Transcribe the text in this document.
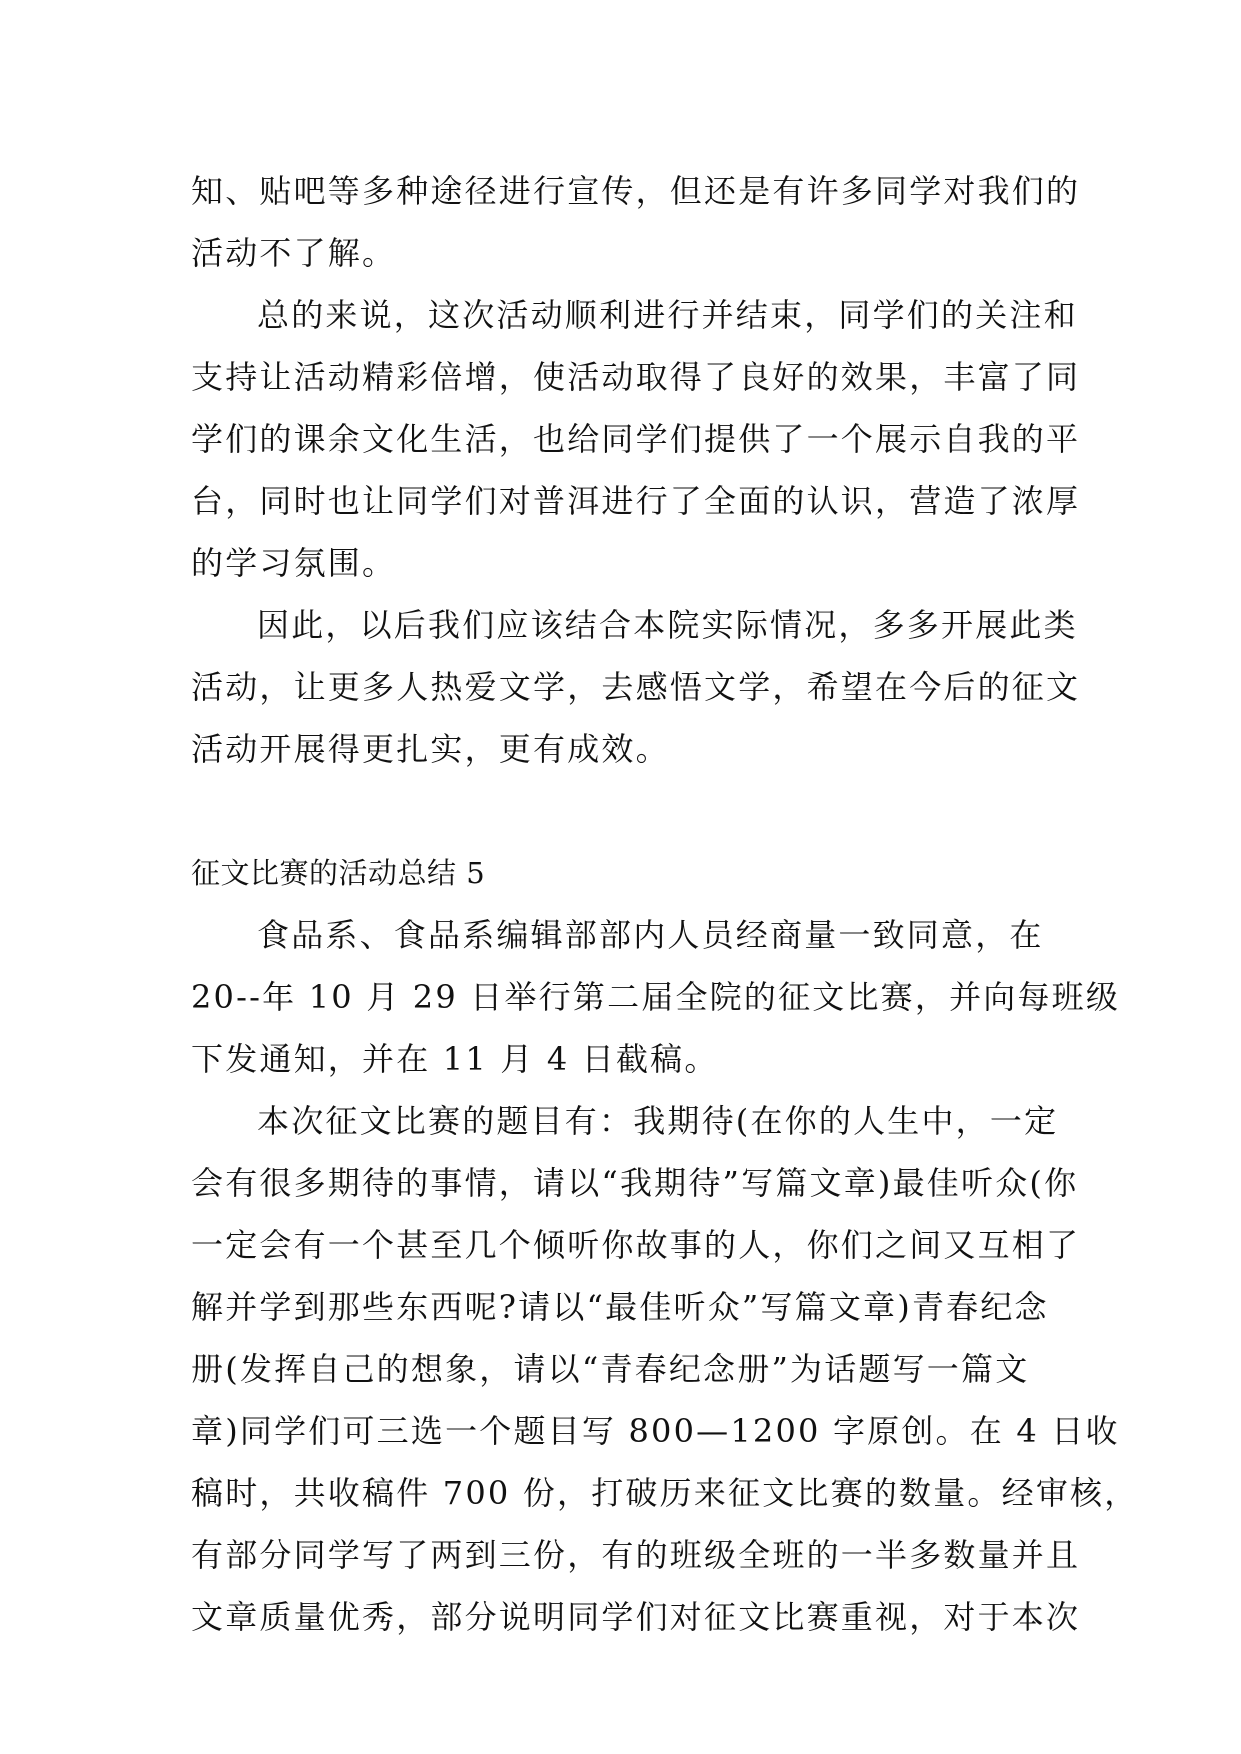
知、贴吧等多种途径进行宣传，但还是有许多同学对我们的
活动不了解。
总的来说，这次活动顺利进行并结束，同学们的关注和
支持让活动精彩倍增，使活动取得了良好的效果，丰富了同
学们的课余文化生活，也给同学们提供了一个展示自我的平
台，同时也让同学们对普洱进行了全面的认识，营造了浓厚
的学习氛围。
因此，以后我们应该结合本院实际情况，多多开展此类
活动，让更多人热爱文学，去感悟文学，希望在今后的征文
活动开展得更扎实，更有成效。
征文比赛的活动总结 5
食品系、食品系编辑部部内人员经商量一致同意，在
20--年 10 月 29 日举行第二届全院的征文比赛，并向每班级
下发通知，并在 11 月 4 日截稿。
本次征文比赛的题目有：我期待(在你的人生中，一定
会有很多期待的事情，请以“我期待”写篇文章)最佳听众(你
一定会有一个甚至几个倾听你故事的人，你们之间又互相了
解并学到那些东西呢?请以“最佳听众”写篇文章)青春纪念
册(发挥自己的想象，请以“青春纪念册”为话题写一篇文
章)同学们可三选一个题目写 800—1200 字原创。在 4 日收
稿时，共收稿件 700 份，打破历来征文比赛的数量。经审核，
有部分同学写了两到三份，有的班级全班的一半多数量并且
文章质量优秀，部分说明同学们对征文比赛重视，对于本次
